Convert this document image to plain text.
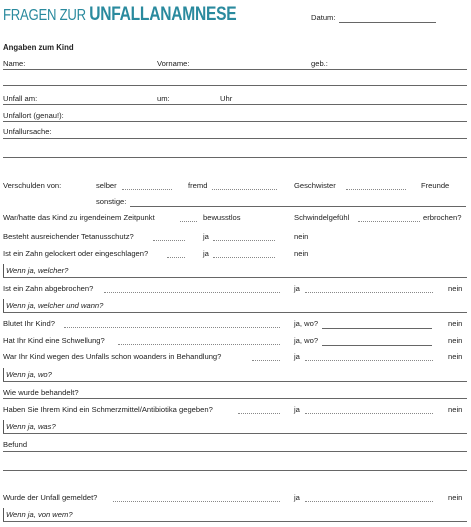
FRAGEN ZUR UNFALLANAMNESE	Datum:
Angaben zum Kind
Name:	Vorname:	geb.:
Unfall am:	um:	Uhr
Unfallort (genau!):
Unfallursache:
Verschulden von:	selber	fremd	Geschwister	Freunde
sonstige:
War/hatte das Kind zu irgendeinem Zeitpunkt	bewusstlos	Schwindelgefühl	erbrochen?
Besteht ausreichender Tetanusschutz?	ja	nein
Ist ein Zahn gelockert oder eingeschlagen?	ja	nein
Wenn ja, welcher?
Ist ein Zahn abgebrochen?	ja	nein
Wenn ja, welcher und wann?
Blutet Ihr Kind?	ja, wo?	nein
Hat Ihr Kind eine Schwellung?	ja, wo?	nein
War Ihr Kind wegen des Unfalls schon woanders in Behandlung?	ja	nein
Wenn ja, wo?
Wie wurde behandelt?
Haben Sie Ihrem Kind ein Schmerzmittel/Antibiotika gegeben?	ja	nein
Wenn ja, was?
Befund
Wurde der Unfall gemeldet?	ja	nein
Wenn ja, von wem?
